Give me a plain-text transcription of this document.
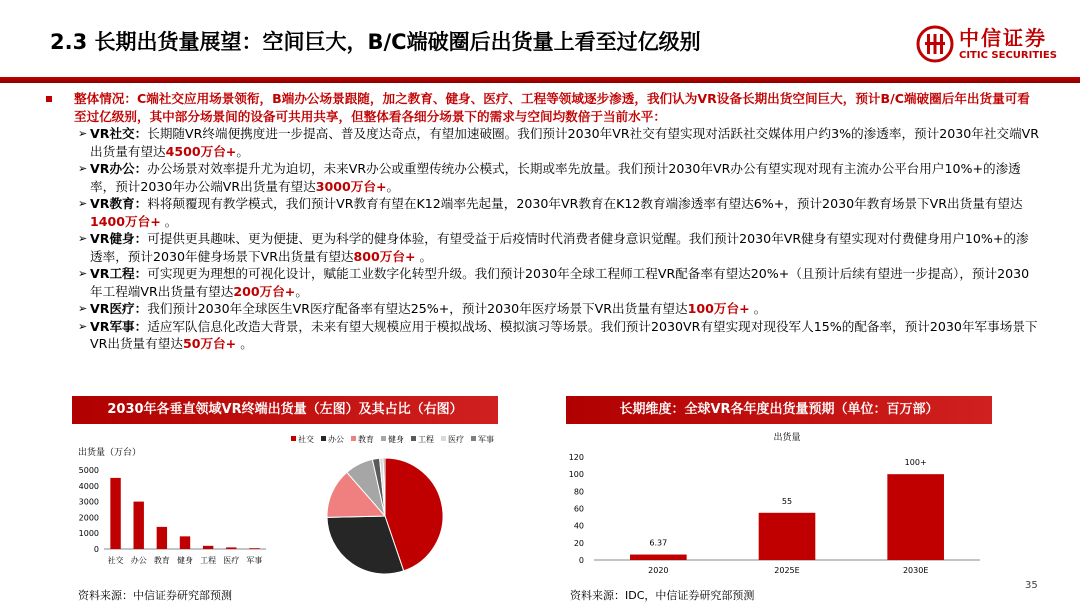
2.3 长期出货量展望：空间巨大，B/C端破圈后出货量上看至过亿级别	中信证券
CITIC SECURITIES
整体情况：C端社交应用场景领衔，B端办公场景跟随，加之教育、健身、医疗、工程等领域逐步渗透，我们认为VR设备长期出货空间巨大，预计B/C端破圈后年出货量可看至过亿级别，其中部分场景间的设备可共用共享，但整体看各细分场景下的需求与空间均数倍于当前水平：
➢ VR社交：长期随VR终端便携度进一步提高、普及度达奇点，有望加速破圈。我们预计2030年VR社交有望实现对活跃社交媒体用户约3%的渗透率，预计2030年社交端VR出货量有望达4500万台+。
➢ VR办公：办公场景对效率提升尤为迫切，未来VR办公或重塑传统办公模式，长期或率先放量。我们预计2030年VR办公有望实现对现有主流办公平台用户10%+的渗透率，预计2030年办公端VR出货量有望达3000万台+。
➢ VR教育：料将颠覆现有教学模式，我们预计VR教育有望在K12端率先起量，2030年VR教育在K12教育端渗透率有望达6%+，预计2030年教育场景下VR出货量有望达1400万台+ 。
➢ VR健身：可提供更具趣味、更为便捷、更为科学的健身体验，有望受益于后疫情时代消费者健身意识觉醒。我们预计2030年VR健身有望实现对付费健身用户10%+的渗透率，预计2030年健身场景下VR出货量有望达800万台+ 。
➢ VR工程：可实现更为理想的可视化设计，赋能工业数字化转型升级。我们预计2030年全球工程师工程VR配备率有望达20%+（且预计后续有望进一步提高），预计2030年工程端VR出货量有望达200万台+。
➢ VR医疗：我们预计2030年全球医生VR医疗配备率有望达25%+，预计2030年医疗场景下VR出货量有望达100万台+ 。
➢ VR军事：适应军队信息化改造大背景，未来有望大规模应用于模拟战场、模拟演习等场景。我们预计2030VR有望实现对现役军人15%的配备率，预计2030年军事场景下VR出货量有望达50万台+ 。
2030年各垂直领域VR终端出货量（左图）及其占比（右图）	长期维度：全球VR各年度出货量预期（单位：百万部）
出货量（万台）
5000
4000
3000
2000
1000
0
社交 办公 教育 健身 工程 医疗 军事
社交 办公 教育 健身 工程 医疗 军事	出货量
120
100
80
60
40
20
0
6.37
2020
55
2025E
100+
2030E
资料来源：中信证券研究部预测	资料来源：IDC，中信证券研究部预测
35
